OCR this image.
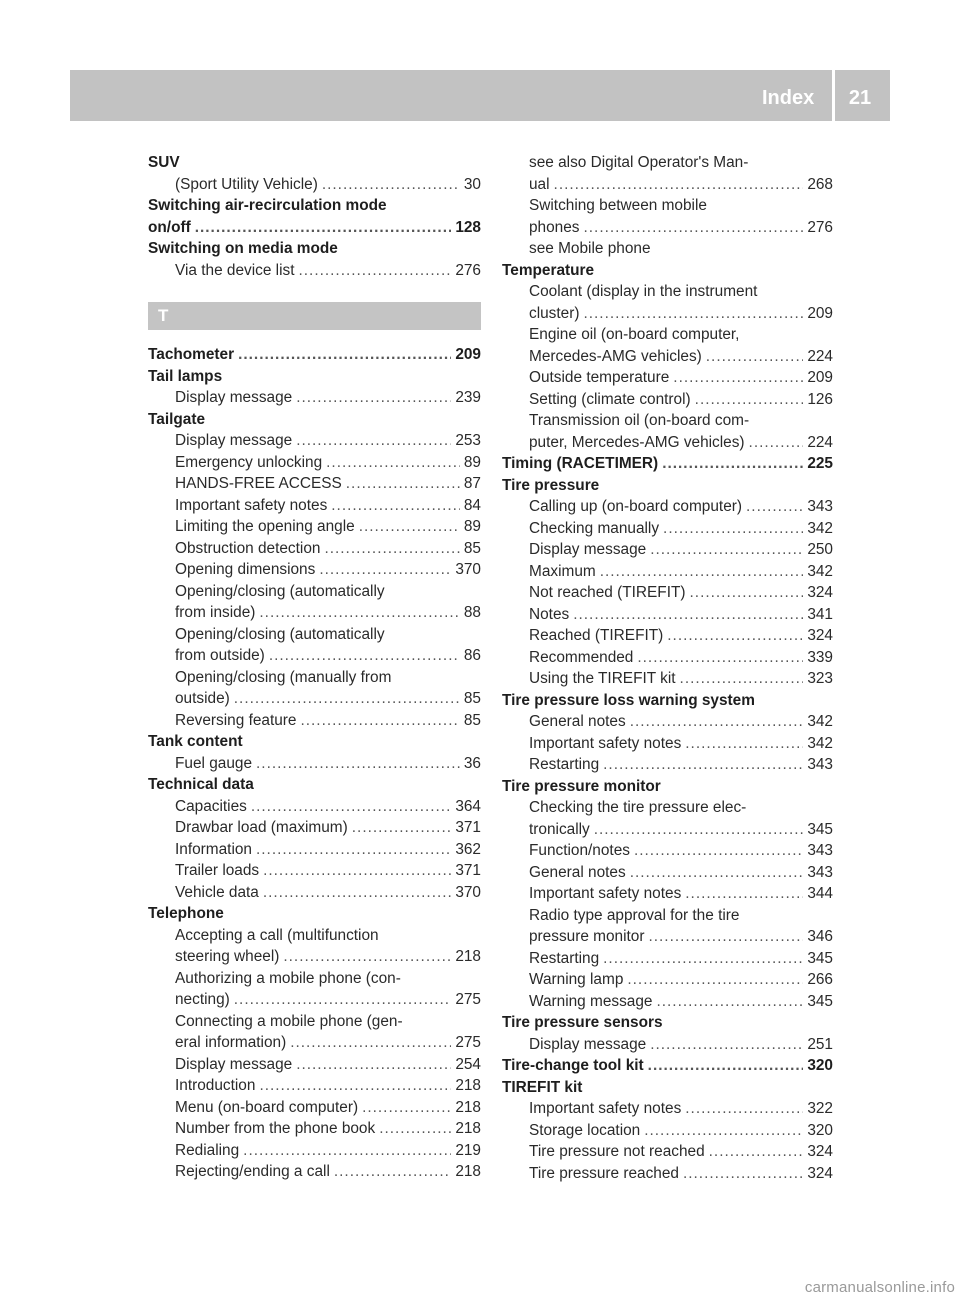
Index	21
SUV
(Sport Utility Vehicle) .....	30
Switching air-recirculation mode
on/off .....	128
Switching on media mode
Via the device list .....	276
T
Tachometer .....	209
Tail lamps
Display message .....	239
Tailgate
Display message .....	253
Emergency unlocking .....	89
HANDS-FREE ACCESS .....	87
Important safety notes .....	84
Limiting the opening angle .....	89
Obstruction detection .....	85
Opening dimensions .....	370
Opening/closing (automatically
from inside) .....	88
Opening/closing (automatically
from outside) .....	86
Opening/closing (manually from
outside) .....	85
Reversing feature .....	85
Tank content
Fuel gauge .....	36
Technical data
Capacities .....	364
Drawbar load (maximum) .....	371
Information .....	362
Trailer loads .....	371
Vehicle data .....	370
Telephone
Accepting a call (multifunction
steering wheel) .....	218
Authorizing a mobile phone (con-
necting) .....	275
Connecting a mobile phone (gen-
eral information) .....	275
Display message .....	254
Introduction .....	218
Menu (on-board computer) .....	218
Number from the phone book .....	218
Redialing .....	219
Rejecting/ending a call .....	218
see also Digital Operator's Man-
ual .....	268
Switching between mobile
phones .....	276
see Mobile phone
Temperature
Coolant (display in the instrument
cluster) .....	209
Engine oil (on-board computer,
Mercedes-AMG vehicles) .....	224
Outside temperature .....	209
Setting (climate control) .....	126
Transmission oil (on-board com-
puter, Mercedes-AMG vehicles) .....	224
Timing (RACETIMER) .....	225
Tire pressure
Calling up (on-board computer) .....	343
Checking manually .....	342
Display message .....	250
Maximum .....	342
Not reached (TIREFIT) .....	324
Notes .....	341
Reached (TIREFIT) .....	324
Recommended .....	339
Using the TIREFIT kit .....	323
Tire pressure loss warning system
General notes .....	342
Important safety notes .....	342
Restarting .....	343
Tire pressure monitor
Checking the tire pressure elec-
tronically .....	345
Function/notes .....	343
General notes .....	343
Important safety notes .....	344
Radio type approval for the tire
pressure monitor .....	346
Restarting .....	345
Warning lamp .....	266
Warning message .....	345
Tire pressure sensors
Display message .....	251
Tire-change tool kit .....	320
TIREFIT kit
Important safety notes .....	322
Storage location .....	320
Tire pressure not reached .....	324
Tire pressure reached .....	324
carmanualsonline.info
